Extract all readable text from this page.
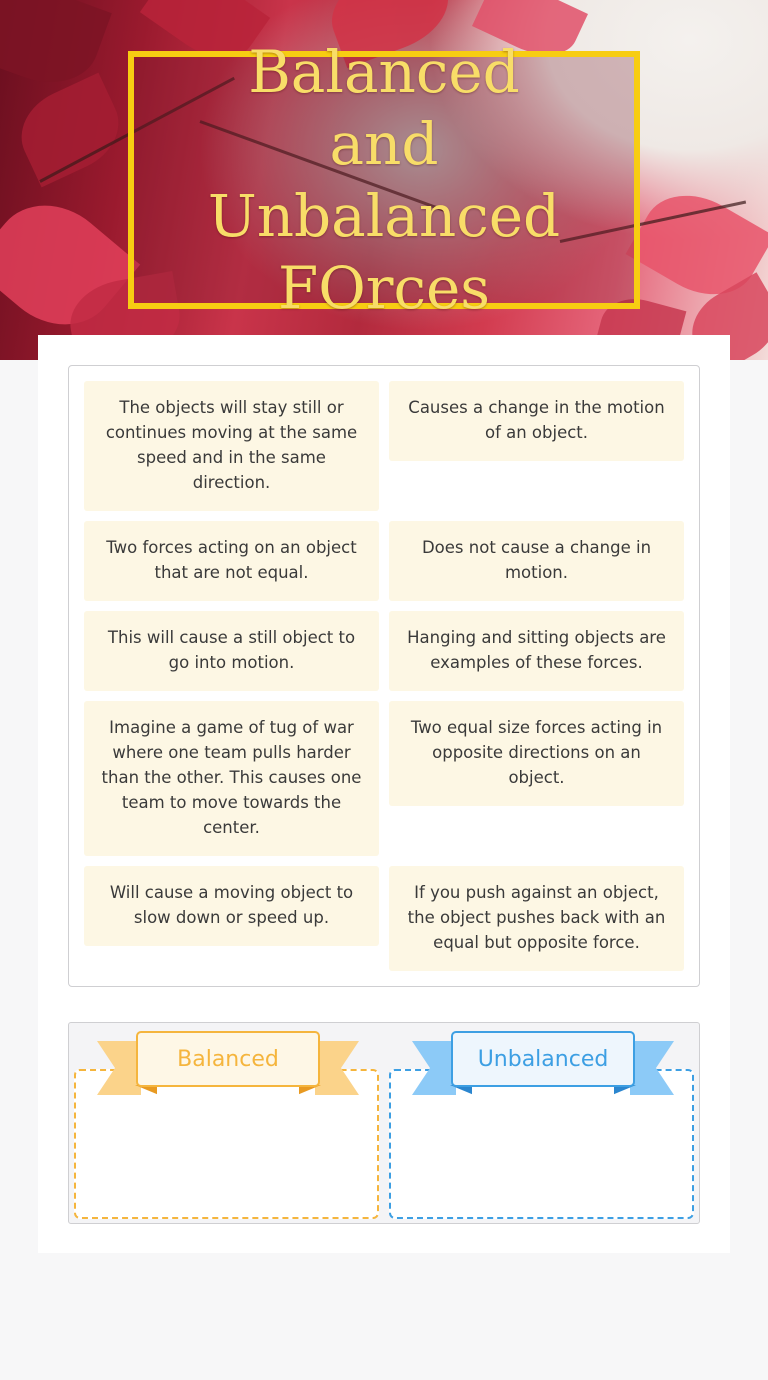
Balanced and Unbalanced FOrces
The objects will stay still or continues moving at the same speed and in the same direction.
Causes a change in the motion of an object.
Two forces acting on an object that are not equal.
Does not cause a change in motion.
This will cause a still object to go into motion.
Hanging and sitting objects are examples of these forces.
Imagine a game of tug of war where one team pulls harder than the other. This causes one team to move towards the center.
Two equal size forces acting in opposite directions on an object.
Will cause a moving object to slow down or speed up.
If you push against an object, the object pushes back with an equal but opposite force.
Balanced	Unbalanced
